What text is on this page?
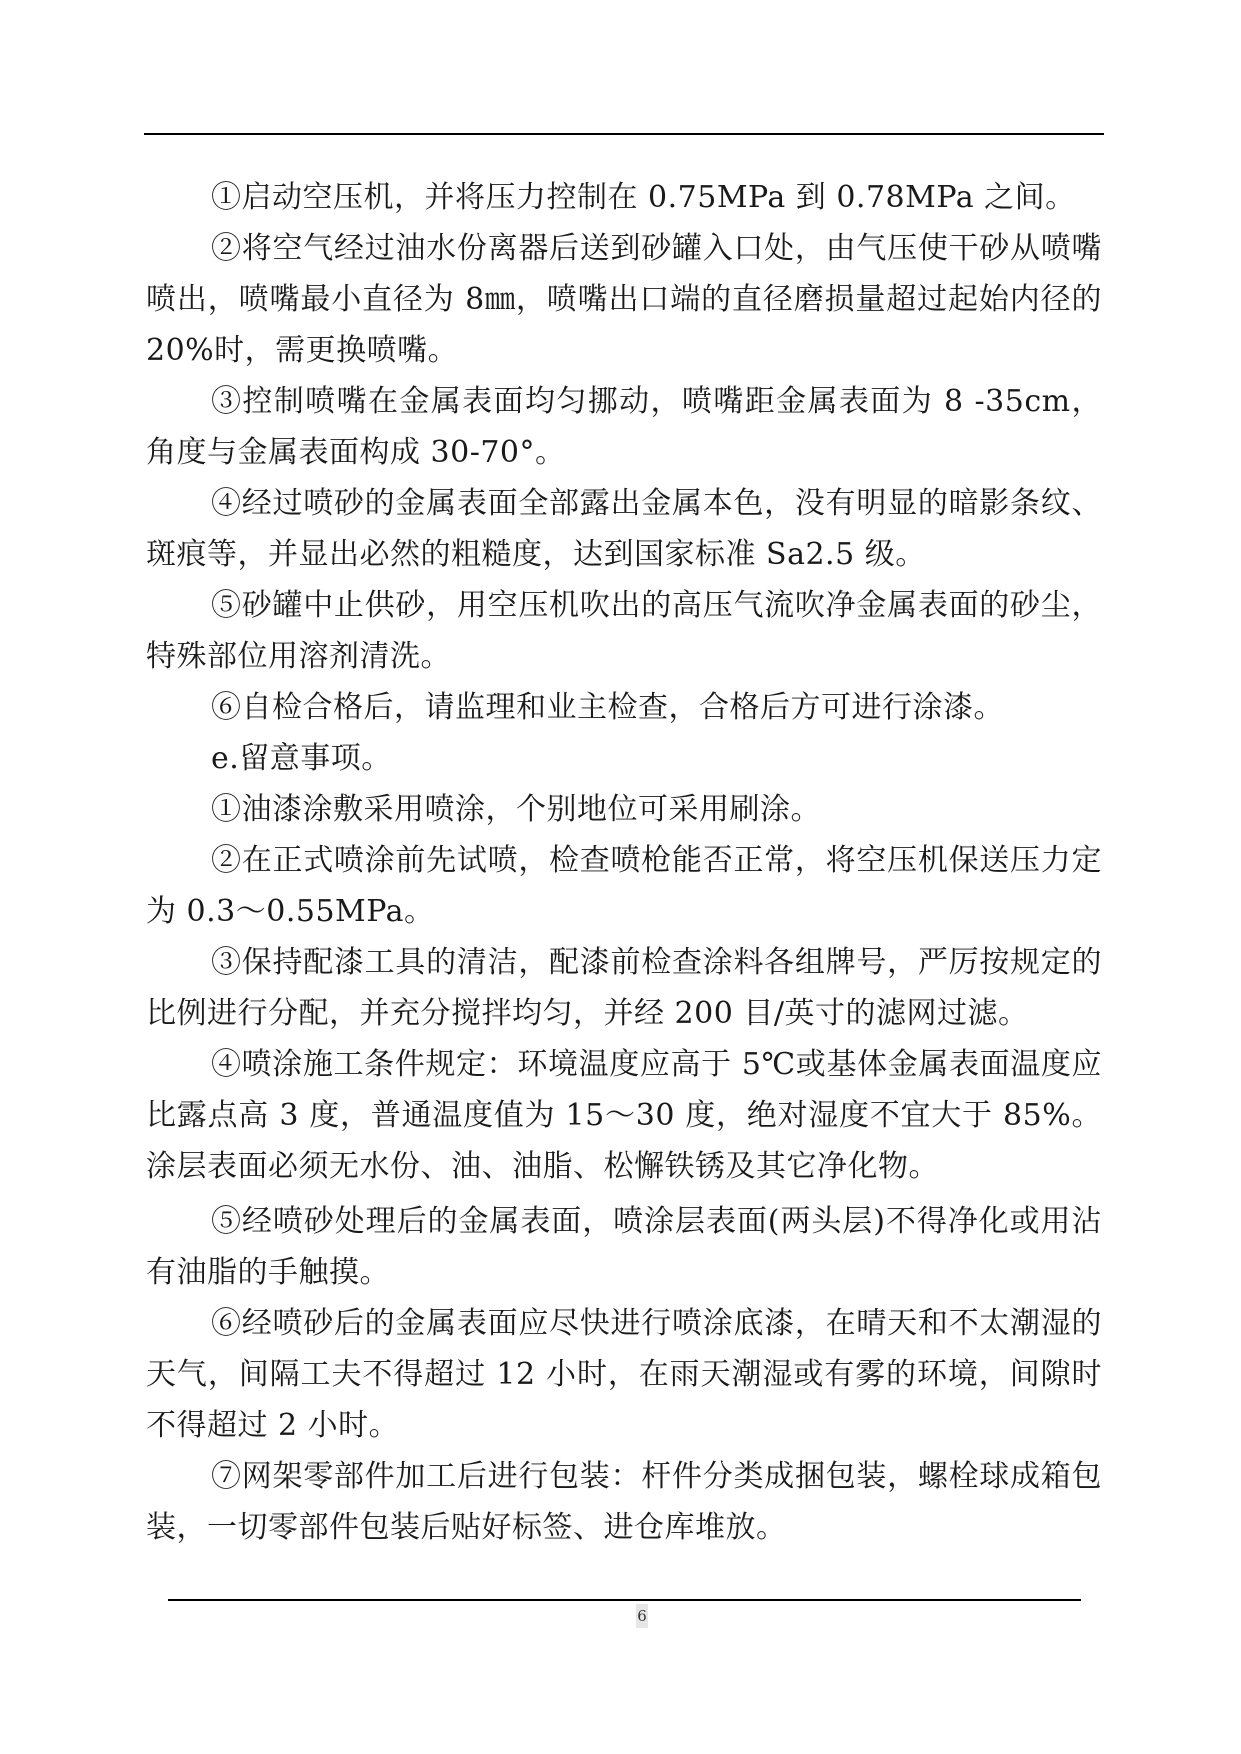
①启动空压机，并将压力控制在 0.75MPa 到 0.78MPa 之间。

②将空气经过油水份离器后送到砂罐入口处，由气压使干砂从喷嘴喷出，喷嘴最小直径为 8㎜，喷嘴出口端的直径磨损量超过起始内径的 20%时，需更换喷嘴。

③控制喷嘴在金属表面均匀挪动，喷嘴距金属表面为 8 -35cm，角度与金属表面构成 30-70°。

④经过喷砂的金属表面全部露出金属本色，没有明显的暗影条纹、斑痕等，并显出必然的粗糙度，达到国家标准 Sa2.5 级。

⑤砂罐中止供砂，用空压机吹出的高压气流吹净金属表面的砂尘，特殊部位用溶剂清洗。

⑥自检合格后，请监理和业主检查，合格后方可进行涂漆。

e.留意事项。

①油漆涂敷采用喷涂，个别地位可采用刷涂。

②在正式喷涂前先试喷，检查喷枪能否正常，将空压机保送压力定为 0.3～0.55MPa。

③保持配漆工具的清洁，配漆前检查涂料各组牌号，严厉按规定的比例进行分配，并充分搅拌均匀，并经 200 目/英寸的滤网过滤。

④喷涂施工条件规定：环境温度应高于 5℃或基体金属表面温度应比露点高 3 度，普通温度值为 15～30 度，绝对湿度不宜大于 85%。涂层表面必须无水份、油、油脂、松懈铁锈及其它净化物。

⑤经喷砂处理后的金属表面，喷涂层表面(两头层)不得净化或用沾有油脂的手触摸。

⑥经喷砂后的金属表面应尽快进行喷涂底漆，在晴天和不太潮湿的天气，间隔工夫不得超过 12 小时，在雨天潮湿或有雾的环境，间隙时不得超过 2 小时。

⑦网架零部件加工后进行包装：杆件分类成捆包装，螺栓球成箱包装，一切零部件包装后贴好标签、进仓库堆放。

6
